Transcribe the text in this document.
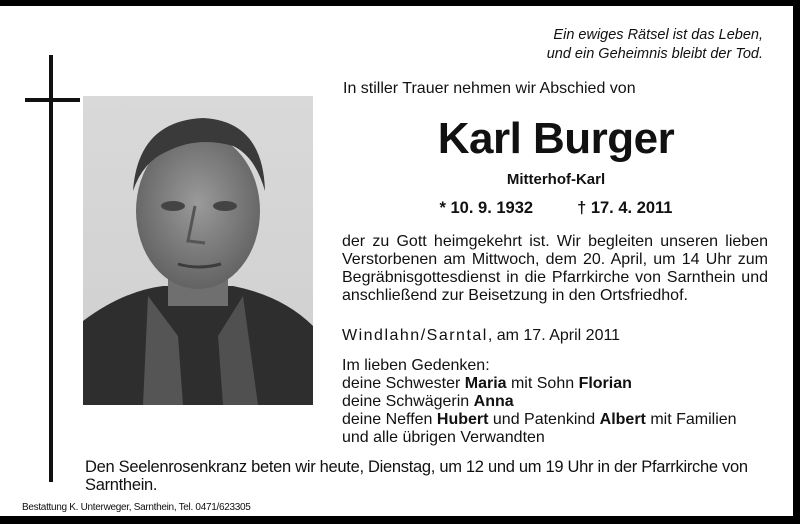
Ein ewiges Rätsel ist das Leben,
und ein Geheimnis bleibt der Tod.
In stiller Trauer nehmen wir Abschied von
Karl Burger
Mitterhof-Karl
* 10. 9. 1932	† 17. 4. 2011
der zu Gott heimgekehrt ist. Wir begleiten unseren lieben Verstorbenen am Mittwoch, dem 20. April, um 14 Uhr zum Begräbnisgottesdienst in die Pfarrkirche von Sarnthein und anschließend zur Beisetzung in den Ortsfriedhof.
Windlahn/Sarntal, am 17. April 2011
Im lieben Gedenken:
deine Schwester Maria mit Sohn Florian
deine Schwägerin Anna
deine Neffen Hubert und Patenkind Albert mit Familien
und alle übrigen Verwandten
Den Seelenrosenkranz beten wir heute, Dienstag, um 12 und um 19 Uhr in der Pfarrkirche von Sarnthein.
Bestattung K. Unterweger, Sarnthein, Tel. 0471/623305
